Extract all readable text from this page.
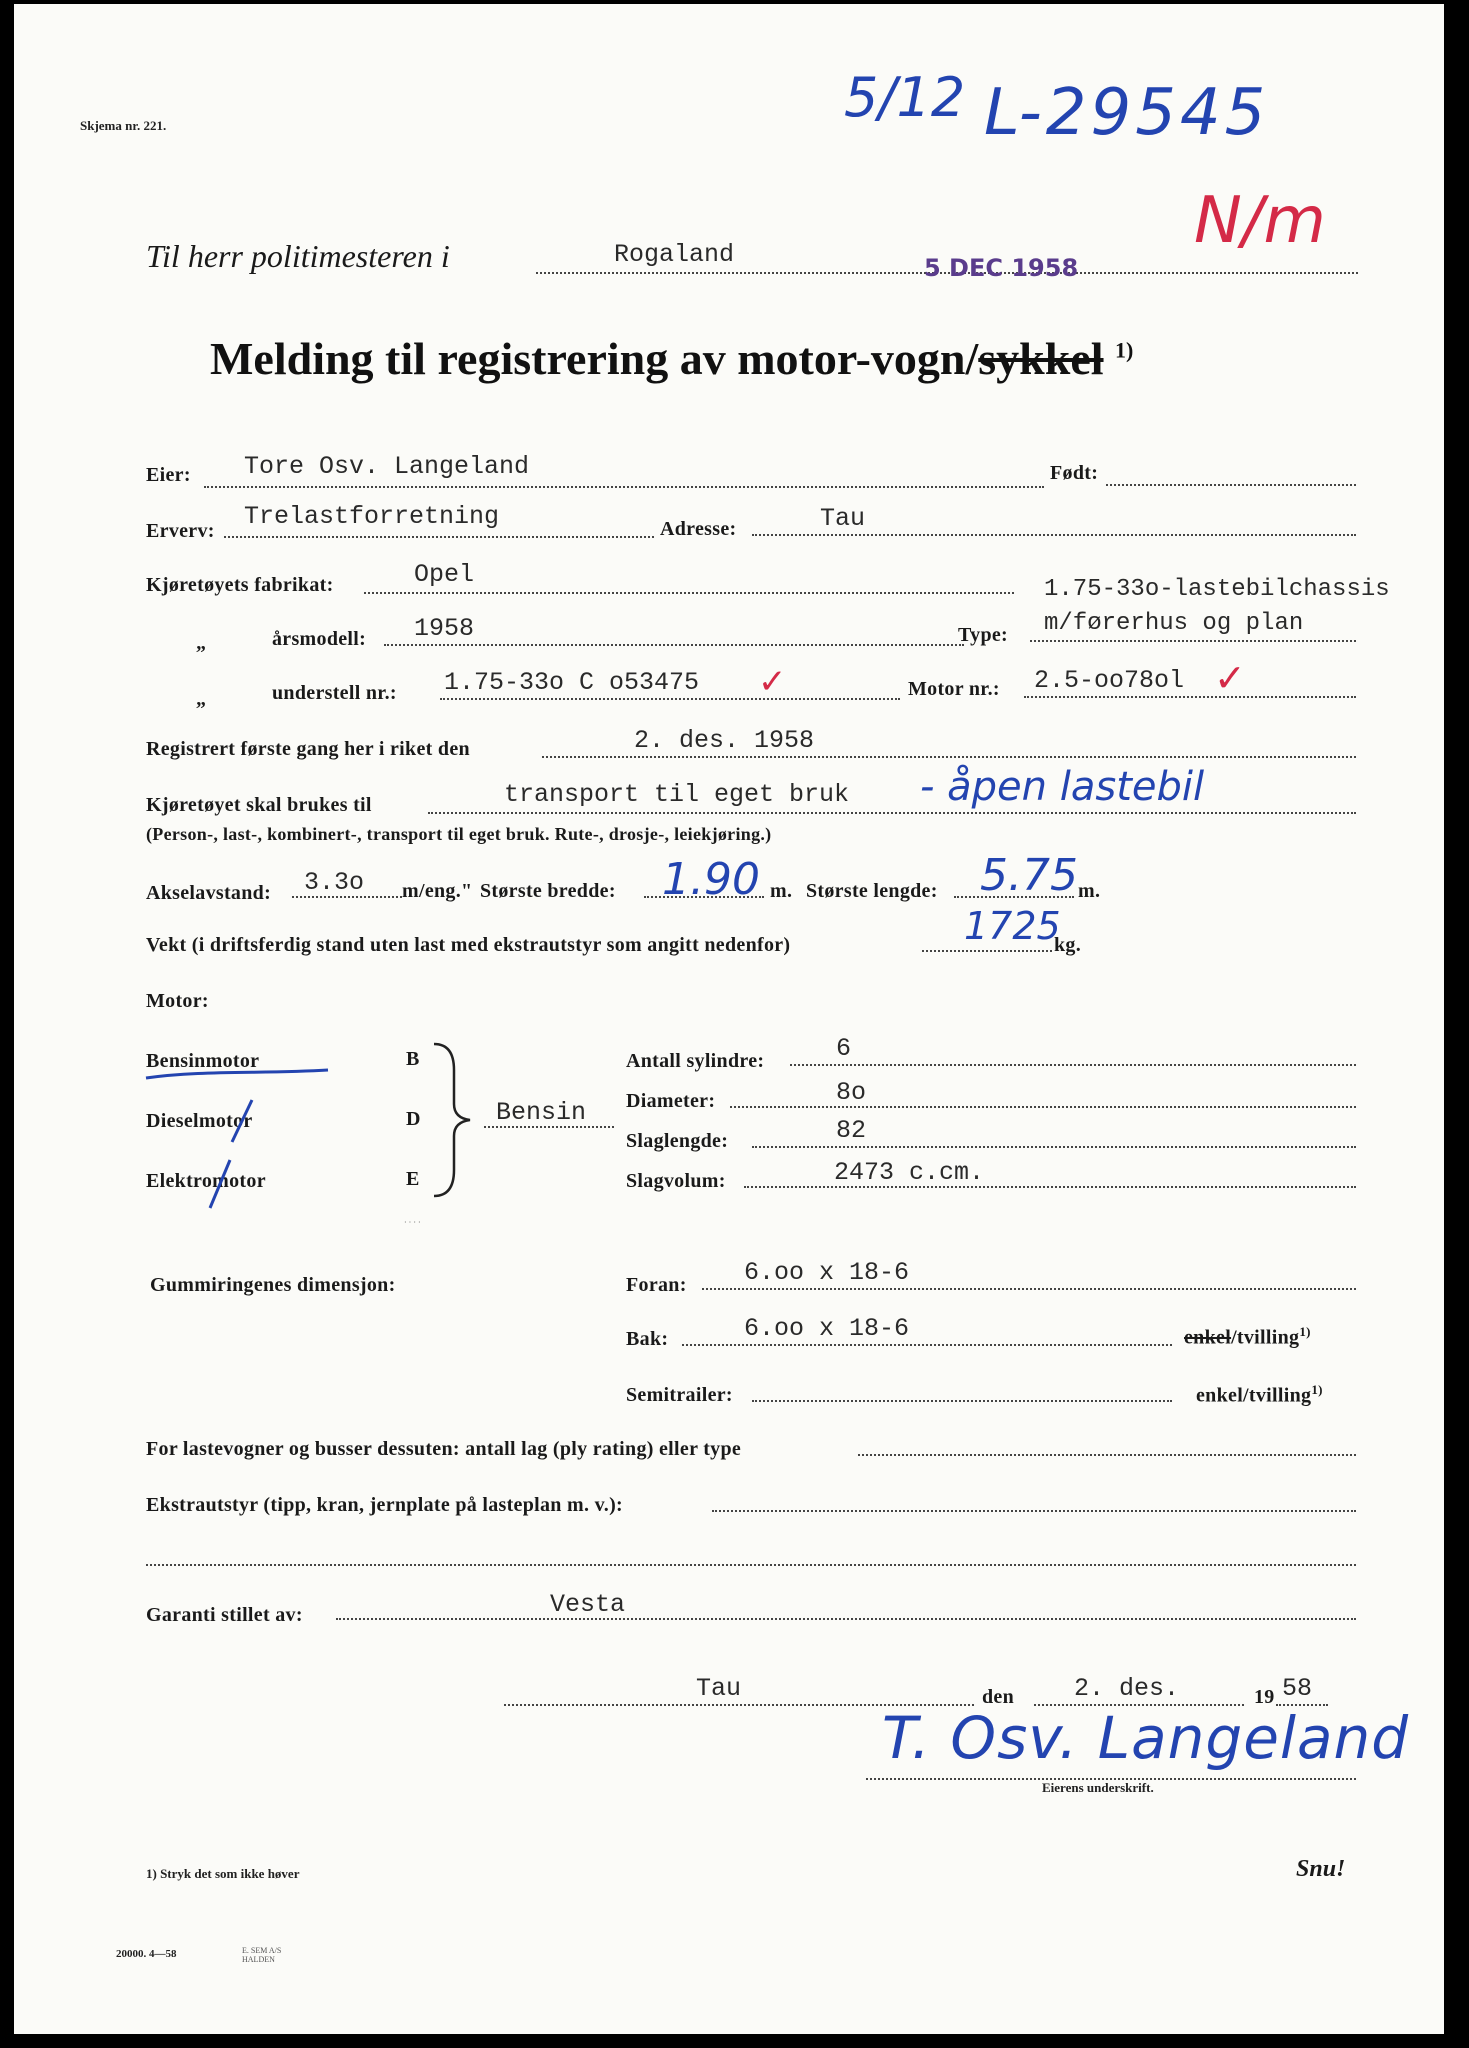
Skjema nr. 221.	5/12 L-29545
N/m
Til herr politimesteren i	Rogaland	5 DEC 1958
Melding til registrering av motor-vogn/sykkel $^{1)}$
Eier: Tore Osv. Langeland	Født:
Erverv: Trelastforretning	Adresse:	Tau
Kjøretøyets fabrikat:	Opel
1.75-33o-lastebilchassis
„	årsmodell: 1958	Type: m/førerhus og plan
„	understell nr.: 1.75-33o C o53475 ✓	Motor nr.: 2.5-oo78ol ✓
Registrert første gang her i riket den	2. des. 1958
Kjøretøyet skal brukes til	transport til eget bruk - åpen lastebil
(Person-, last-, kombinert-, transport til eget bruk. Rute-, drosje-, leiekjøring.)
Akselavstand: 3.3o m/eng." Største bredde: 1.90 m. Største lengde: 5.75 m.
Vekt (i driftsferdig stand uten last med ekstrautstyr som angitt nedenfor)	1725
kg.
Motor:
Bensinmotor	B
Dieselmotor	D
Elektromotor	E
Bensin
· · · ·
Antall sylindre:	6
Diameter:	8o
Slaglengde:	82
Slagvolum:	2473 c.cm.
Gummiringenes dimensjon:	Foran: 6.oo x 18-6
Bak:	6.oo x 18-6	enkel/tvilling$^{1)}$
Semitrailer:	enkel/tvilling$^{1)}$
For lastevogner og busser dessuten: antall lag (ply rating) eller type
Ekstrautstyr (tipp, kran, jernplate på lasteplan m. v.):
Garanti stillet av:	Vesta
Tau	den 2. des.	19 58
T. Osv. Langeland
Eierens underskrift.
1) Stryk det som ikke høver	Snu!
20000. 4—58	E. SEM A/S HALDEN
